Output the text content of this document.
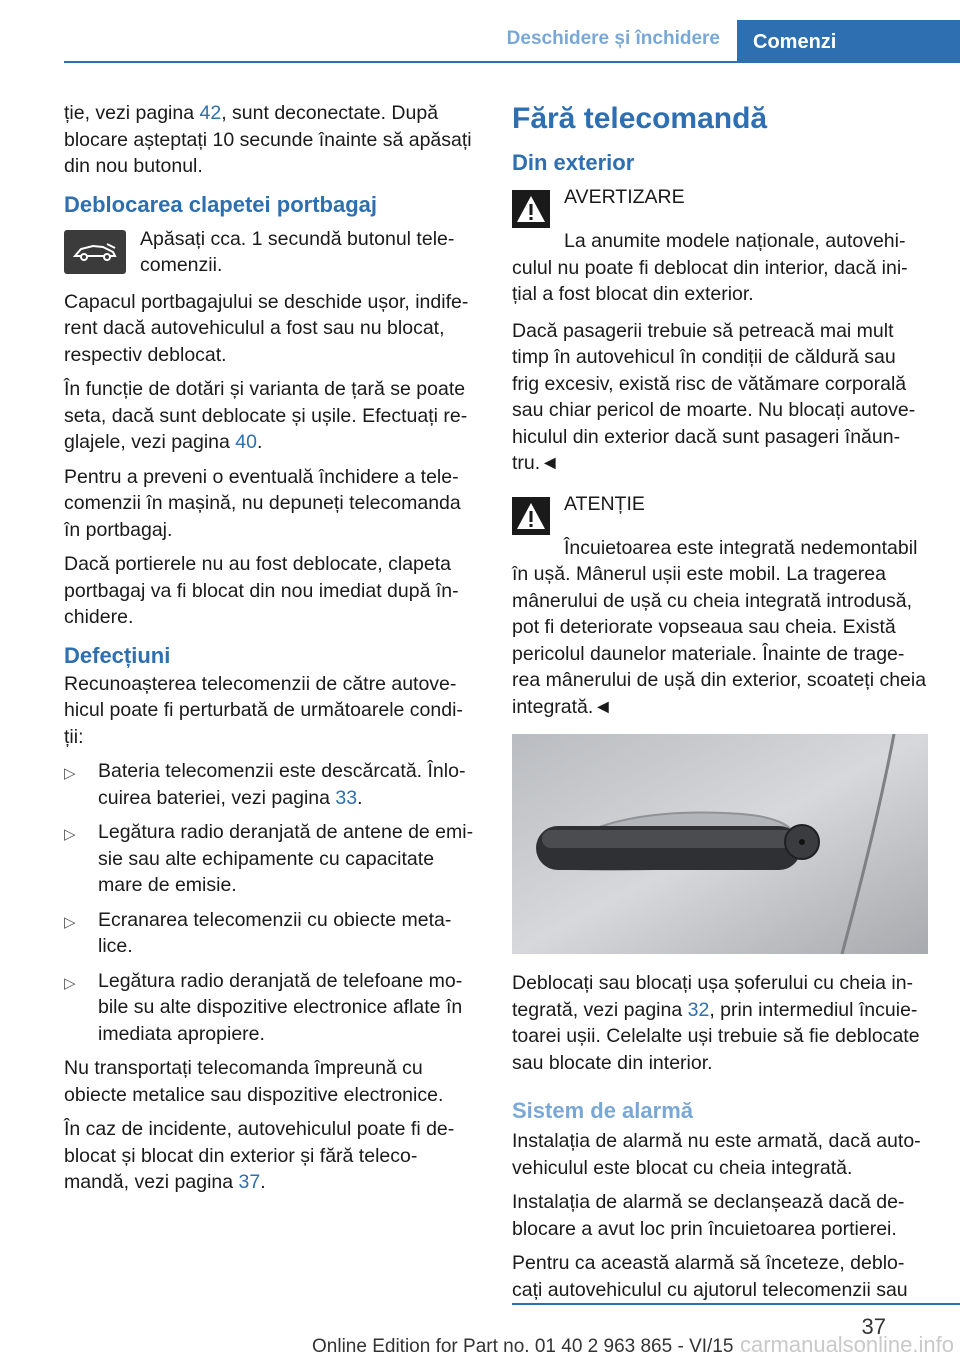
Deschidere și închidere	Comenzi

ție, vezi pagina 42, sunt deconectate. După blocare așteptați 10 secunde înainte să apăsați din nou butonul.

Deblocarea clapetei portbagaj
Apăsați cca. 1 secundă butonul tele-comenzii.

Capacul portbagajului se deschide ușor, indife-rent dacă autovehiculul a fost sau nu blocat, respectiv deblocat.

În funcție de dotări și varianta de țară se poate seta, dacă sunt deblocate și ușile. Efectuați re-glajele, vezi pagina 40.

Pentru a preveni o eventuală închidere a tele-comenzii în mașină, nu depuneți telecomanda în portbagaj.

Dacă portierele nu au fost deblocate, clapeta portbagaj va fi blocat din nou imediat după în-chidere.

Defecțiuni

Recunoașterea telecomenzii de către autove-hicul poate fi perturbată de următoarele condi-ții:

▷ Bateria telecomenzii este descărcată. Înlo-cuirea bateriei, vezi pagina 33.
▷ Legătura radio deranjată de antene de emi-sie sau alte echipamente cu capacitate mare de emisie.
▷ Ecranarea telecomenzii cu obiecte meta-lice.
▷ Legătura radio deranjată de telefoane mo-bile su alte dispozitive electronice aflate în imediata apropiere.

Nu transportați telecomanda împreună cu obiecte metalice sau dispozitive electronice.

În caz de incidente, autovehiculul poate fi de-blocat și blocat din exterior și fără teleco-mandă, vezi pagina 37.

Fără telecomandă
Din exterior
AVERTIZARE
La anumite modele naționale, autovehi-culul nu poate fi deblocat din interior, dacă ini-țial a fost blocat din exterior.

Dacă pasagerii trebuie să petreacă mai mult timp în autovehicul în condiții de căldură sau frig excesiv, există risc de vătămare corporală sau chiar pericol de moarte. Nu blocați autove-hiculul din exterior dacă sunt pasageri înăun-tru.◄

ATENȚIE
Încuietoarea este integrată nedemontabil în ușă. Mânerul ușii este mobil. La tragerea mânerului de ușă cu cheia integrată introdusă, pot fi deteriorate vopseaua sau cheia. Există pericolul daunelor materiale. Înainte de trage-rea mânerului de ușă din exterior, scoateți cheia integrată.◄

Deblocați sau blocați ușa șoferului cu cheia in-tegrată, vezi pagina 32, prin intermediul încuie-toarei ușii. Celelalte uși trebuie să fie deblocate sau blocate din interior.

Sistem de alarmă

Instalația de alarmă nu este armată, dacă auto-vehiculul este blocat cu cheia integrată.

Instalația de alarmă se declanșează dacă de-blocare a avut loc prin încuietoarea portierei.

Pentru ca această alarmă să înceteze, deblo-cați autovehiculul cu ajutorul telecomenzii sau

37
Online Edition for Part no. 01 40 2 963 865 - VI/15 carmanualsonline.info
